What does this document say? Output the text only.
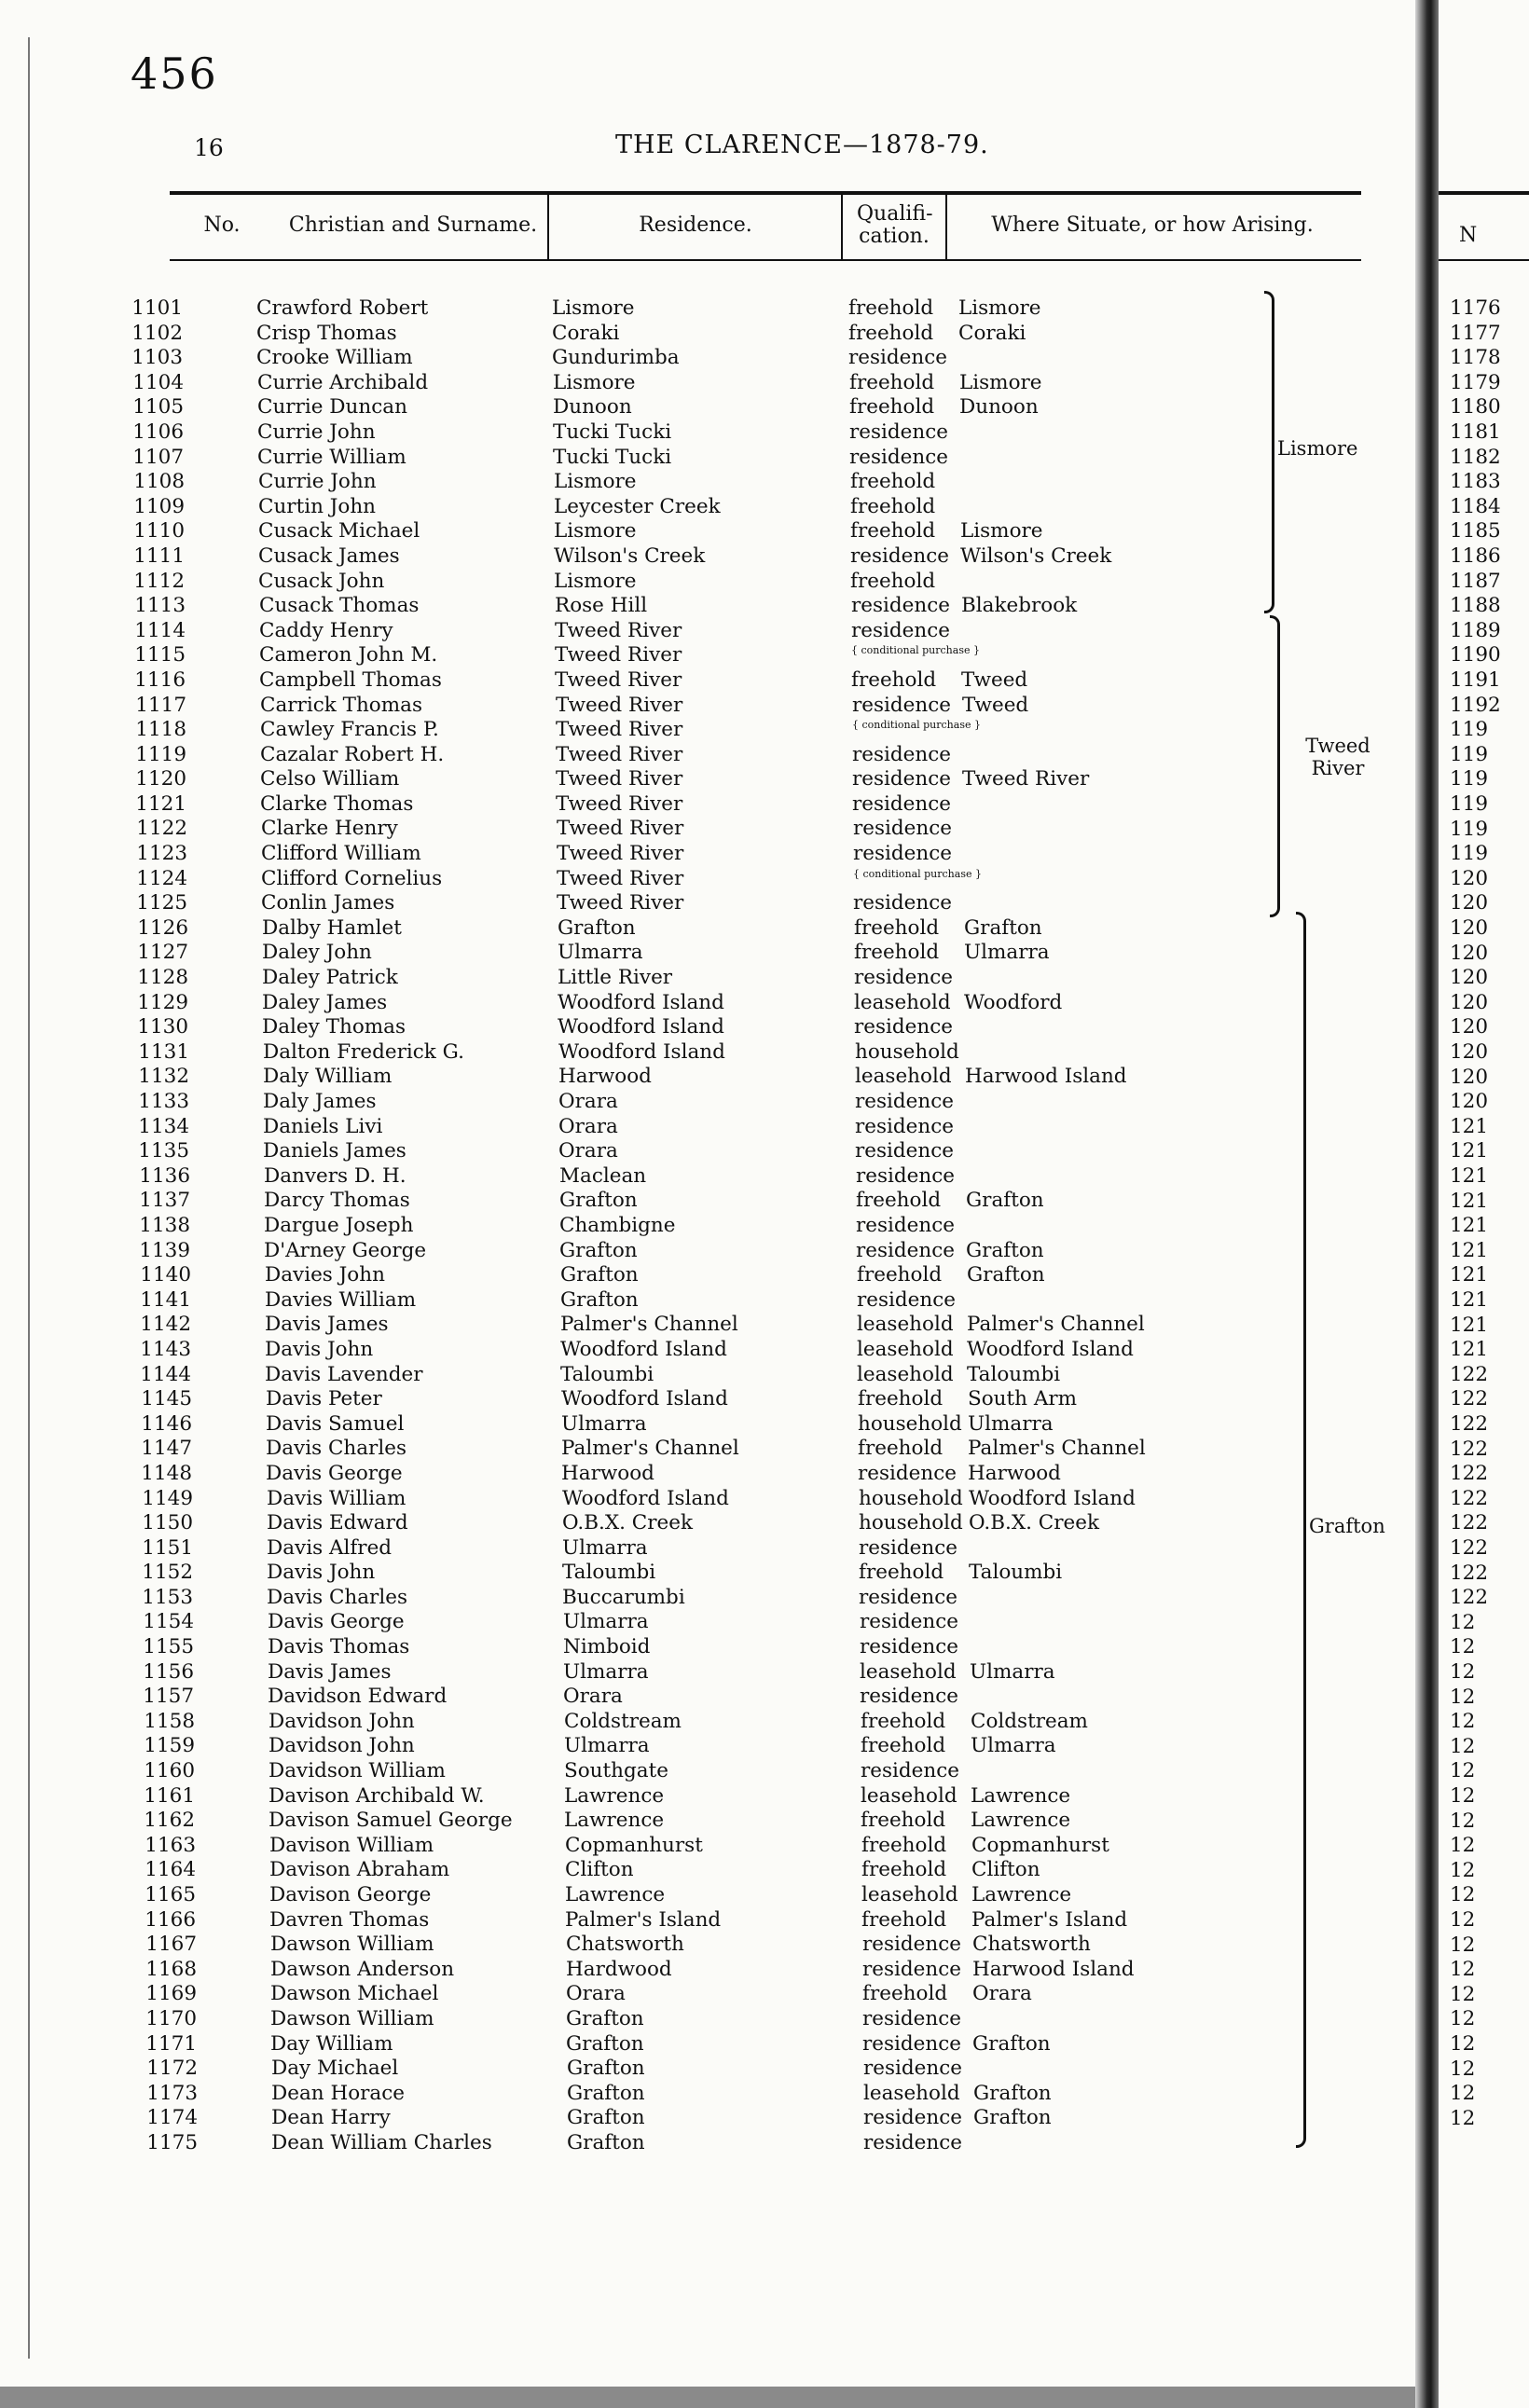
456
16	THE CLARENCE—1878-79.
No.	Christian and Surname.	Residence.	Qualifi- cation.	Where Situate, or how Arising.
1101	Crawford Robert	Lismore	freehold Lismore
1102	Crisp Thomas	Coraki	freehold Coraki
1103	Crooke William	Gundurimba	residence
1104	Currie Archibald	Lismore	freehold Lismore
1105	Currie Duncan	Dunoon	freehold Dunoon
1106	Currie John	Tucki Tucki	residence
1107	Currie William	Tucki Tucki	residence
1108	Currie John	Lismore	freehold
1109	Curtin John	Leycester Creek	freehold
1110	Cusack Michael	Lismore	freehold Lismore
1111	Cusack James	Wilson's Creek	residence Wilson's Creek
1112	Cusack John	Lismore	freehold
1113	Cusack Thomas	Rose Hill	residence Blakebrook
1114	Caddy Henry	Tweed River	residence
1115	Cameron John M.	Tweed River	{ conditional purchase }
1116	Campbell Thomas	Tweed River	freehold Tweed
1117	Carrick Thomas	Tweed River	residence Tweed
1118	Cawley Francis P.	Tweed River	{ conditional purchase }
1119	Cazalar Robert H.	Tweed River	residence
1120	Celso William	Tweed River	residence Tweed River
1121	Clarke Thomas	Tweed River	residence
1122	Clarke Henry	Tweed River	residence
1123	Clifford William	Tweed River	residence
1124	Clifford Cornelius	Tweed River	{ conditional purchase }
1125	Conlin James	Tweed River	residence
1126	Dalby Hamlet	Grafton	freehold Grafton
1127	Daley John	Ulmarra	freehold Ulmarra
1128	Daley Patrick	Little River	residence
1129	Daley James	Woodford Island	leasehold Woodford
1130	Daley Thomas	Woodford Island	residence
1131	Dalton Frederick G.	Woodford Island	household
1132	Daly William	Harwood	leasehold Harwood Island
1133	Daly James	Orara	residence
1134	Daniels Livi	Orara	residence
1135	Daniels James	Orara	residence
1136	Danvers D. H.	Maclean	residence
1137	Darcy Thomas	Grafton	freehold Grafton
1138	Dargue Joseph	Chambigne	residence
1139	D'Arney George	Grafton	residence Grafton
1140	Davies John	Grafton	freehold Grafton
1141	Davies William	Grafton	residence
1142	Davis James	Palmer's Channel	leasehold Palmer's Channel
1143	Davis John	Woodford Island	leasehold Woodford Island
1144	Davis Lavender	Taloumbi	leasehold Taloumbi
1145	Davis Peter	Woodford Island	freehold South Arm
1146	Davis Samuel	Ulmarra	household Ulmarra
1147	Davis Charles	Palmer's Channel	freehold Palmer's Channel
1148	Davis George	Harwood	residence Harwood
1149	Davis William	Woodford Island	household Woodford Island
1150	Davis Edward	O.B.X. Creek	household O.B.X. Creek
1151	Davis Alfred	Ulmarra	residence
1152	Davis John	Taloumbi	freehold Taloumbi
1153	Davis Charles	Buccarumbi	residence
1154	Davis George	Ulmarra	residence
1155	Davis Thomas	Nimboid	residence
1156	Davis James	Ulmarra	leasehold Ulmarra
1157	Davidson Edward	Orara	residence
1158	Davidson John	Coldstream	freehold Coldstream
1159	Davidson John	Ulmarra	freehold Ulmarra
1160	Davidson William	Southgate	residence
1161	Davison Archibald W.	Lawrence	leasehold Lawrence
1162	Davison Samuel George	Lawrence	freehold Lawrence
1163	Davison William	Copmanhurst	freehold Copmanhurst
1164	Davison Abraham	Clifton	freehold Clifton
1165	Davison George	Lawrence	leasehold Lawrence
1166	Davren Thomas	Palmer's Island	freehold Palmer's Island
1167	Dawson William	Chatsworth	residence Chatsworth
1168	Dawson Anderson	Hardwood	residence Harwood Island
1169	Dawson Michael	Orara	freehold Orara
1170	Dawson William	Grafton	residence
1171	Day William	Grafton	residence Grafton
1172	Day Michael	Grafton	residence
1173	Dean Horace	Grafton	leasehold Grafton
1174	Dean Harry	Grafton	residence Grafton
1175	Dean William Charles	Grafton	residence
Lismore
Tweed River
Grafton
N
1176
1177
1178
1179
1180
1181
1182
1183
1184
1185
1186
1187
1188
1189
1190
1191
1192
119
119
119
119
119
119
120
120
120
120
120
120
120
120
120
120
121
121
121
121
121
121
121
121
121
121
122
122
122
122
122
122
122
122
122
122
12
12
12
12
12
12
12
12
12
12
12
12
12
12
12
12
12
12
12
12
12
